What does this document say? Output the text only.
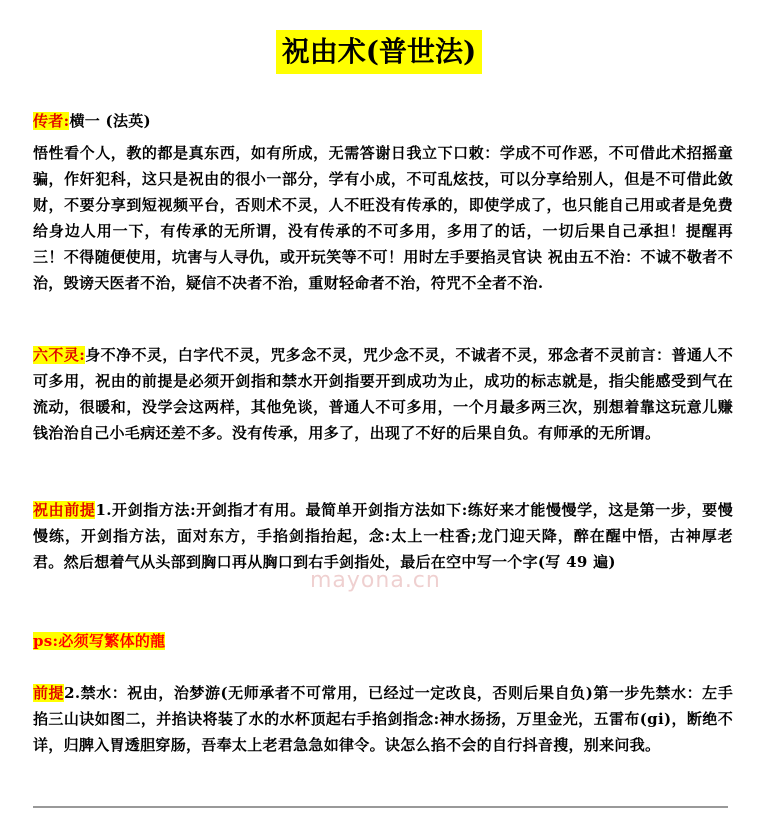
祝由术(普世法)
传者:横一 (法英)
悟性看个人，教的都是真东西，如有所成，无需答谢日我立下口敕：学成不可作恶，不可借此术招摇童骗，作奸犯科，这只是祝由的很小一部分，学有小成，不可乱炫技，可以分享给别人，但是不可借此敛财，不要分享到短视频平台，否则术不灵，人不旺没有传承的，即使学成了，也只能自己用或者是免费给身边人用一下，有传承的无所谓，没有传承的不可多用，多用了的话，一切后果自己承担！提醒再三！不得随便使用，坑害与人寻仇，或开玩笑等不可！用时左手要掐灵官诀 祝由五不治：不诚不敬者不治，毁谤天医者不治，疑信不决者不治，重财轻命者不治，符咒不全者不治.
六不灵:身不净不灵，白字代不灵，咒多念不灵，咒少念不灵，不诚者不灵，邪念者不灵前言：普通人不可多用，祝由的前提是必须开剑指和禁水开剑指要开到成功为止，成功的标志就是，指尖能感受到气在流动，很暖和，没学会这两样，其他免谈，普通人不可多用，一个月最多两三次，别想着靠这玩意儿赚钱治治自己小毛病还差不多。没有传承，用多了，出现了不好的后果自负。有师承的无所谓。
祝由前提1.开剑指方法:开剑指才有用。最简单开剑指方法如下:练好来才能慢慢学，这是第一步，要慢慢练，开剑指方法，面对东方，手掐剑指抬起，念:太上一柱香;龙门迎天降，醉在醒中悟，古神厚老君。然后想着气从头部到胸口再从胸口到右手剑指处，最后在空中写一个字(写 49 遍)
ps:必须写繁体的龍
前提2.禁水：祝由，治梦游(无师承者不可常用，已经过一定改良，否则后果自负)第一步先禁水：左手掐三山诀如图二，并掐诀将装了水的水杯顶起右手掐剑指念:神水扬扬，万里金光，五雷布(gi)，断绝不详，归脾入胃透胆穿肠，吾奉太上老君急急如律令。诀怎么掐不会的自行抖音搜，别来问我。
mayona.cn
